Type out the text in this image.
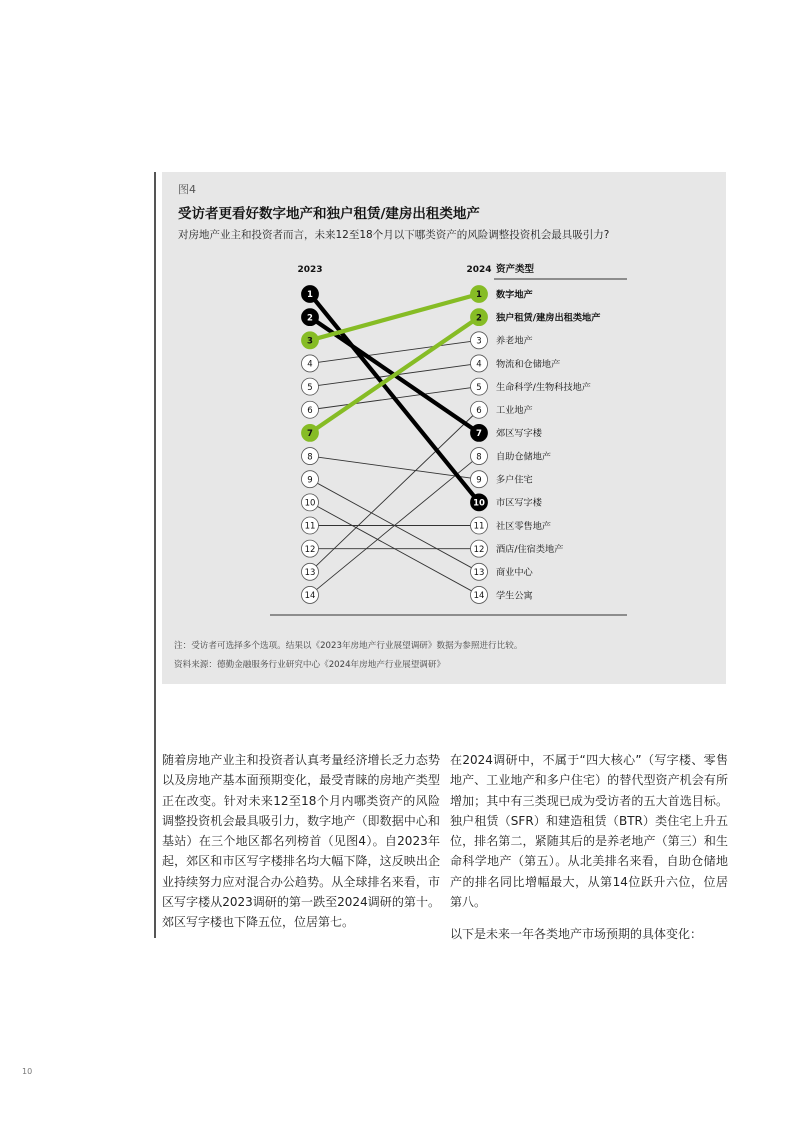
图4
受访者更看好数字地产和独户租赁/建房出租类地产
对房地产业主和投资者而言，未来12至18个月以下哪类资产的风险调整投资机会最具吸引力?
2023	2024 资产类型
1
2
3
4
5
6
7
8
9
10
11
12
13
14
1
2
3
4
5
6
7
8
9
10
11
12
13
14
数字地产
独户租赁/建房出租类地产
养老地产
物流和仓储地产
生命科学/生物科技地产
工业地产
郊区写字楼
自助仓储地产
多户住宅
市区写字楼
社区零售地产
酒店/住宿类地产
商业中心
学生公寓
注：受访者可选择多个选项。结果以《2023年房地产行业展望调研》数据为参照进行比较。
资料来源：德勤金融服务行业研究中心《2024年房地产行业展望调研》

随着房地产业主和投资者认真考量经济增长乏力态势以及房地产基本面预期变化，最受青睐的房地产类型正在改变。针对未来12至18个月内哪类资产的风险调整投资机会最具吸引力，数字地产（即数据中心和基站）在三个地区都名列榜首（见图4）。自2023年起，郊区和市区写字楼排名均大幅下降，这反映出企业持续努力应对混合办公趋势。从全球排名来看，市区写字楼从2023调研的第一跌至2024调研的第十。郊区写字楼也下降五位，位居第七。

在2024调研中，不属于“四大核心”（写字楼、零售地产、工业地产和多户住宅）的替代型资产机会有所增加；其中有三类现已成为受访者的五大首选目标。独户租赁（SFR）和建造租赁（BTR）类住宅上升五位，排名第二，紧随其后的是养老地产（第三）和生命科学地产（第五）。从北美排名来看，自助仓储地产的排名同比增幅最大，从第14位跃升六位，位居第八。

以下是未来一年各类地产市场预期的具体变化：

10
